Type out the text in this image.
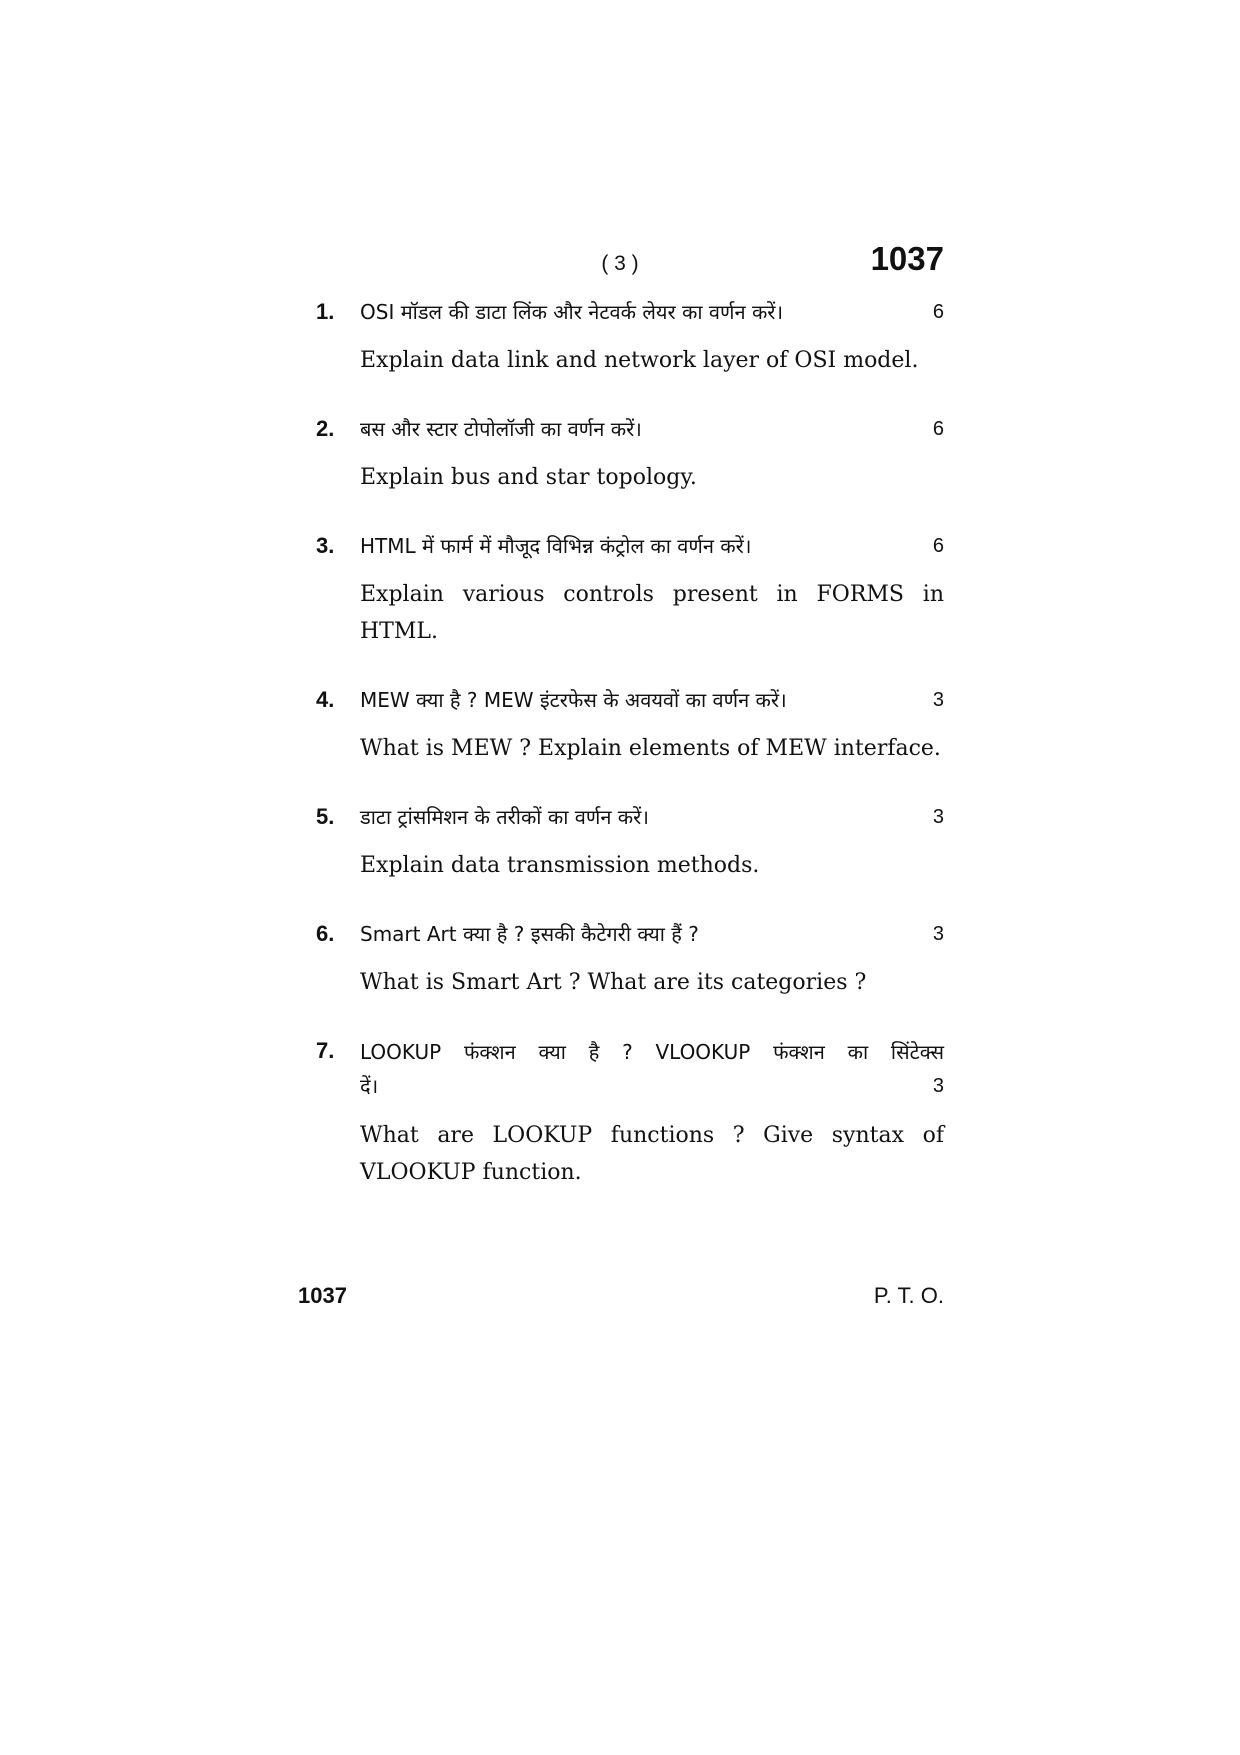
( 3 )	1037
1. OSI मॉडल की डाटा लिंक और नेटवर्क लेयर का वर्णन करें।	6
Explain data link and network layer of OSI model.
2. बस और स्टार टोपोलॉजी का वर्णन करें।	6
Explain bus and star topology.
3. HTML में फार्म में मौजूद विभिन्न कंट्रोल का वर्णन करें।	6
Explain various controls present in FORMS in HTML.
4. MEW क्या है ? MEW इंटरफेस के अवयवों का वर्णन करें।	3
What is MEW ? Explain elements of MEW interface.
5. डाटा ट्रांसमिशन के तरीकों का वर्णन करें।	3
Explain data transmission methods.
6. Smart Art क्या है ? इसकी कैटेगरी क्या हैं ?	3
What is Smart Art ? What are its categories ?
7. LOOKUP फंक्शन क्या है ? VLOOKUP फंक्शन का सिंटेक्स
दें।	3
What are LOOKUP functions ? Give syntax of VLOOKUP function.
1037	P. T. O.
